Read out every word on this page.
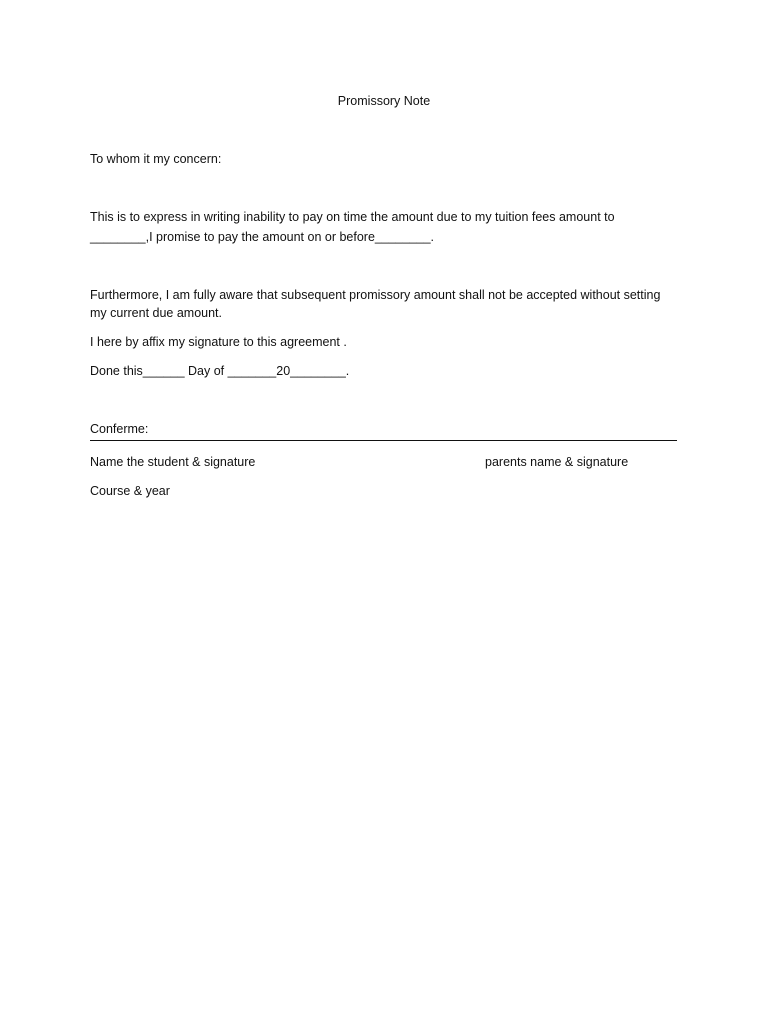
Promissory Note
To whom it my concern:
This is to express in writing inability to pay on time the amount due to my tuition fees amount to
________,I promise to pay the amount on or before________.
Furthermore, I am fully aware that subsequent promissory amount shall not be accepted without setting
my current due amount.
I here by affix my signature to this agreement .
Done this______ Day of _______20________.
Conferme:
Name the student & signature	parents name & signature
Course & year
